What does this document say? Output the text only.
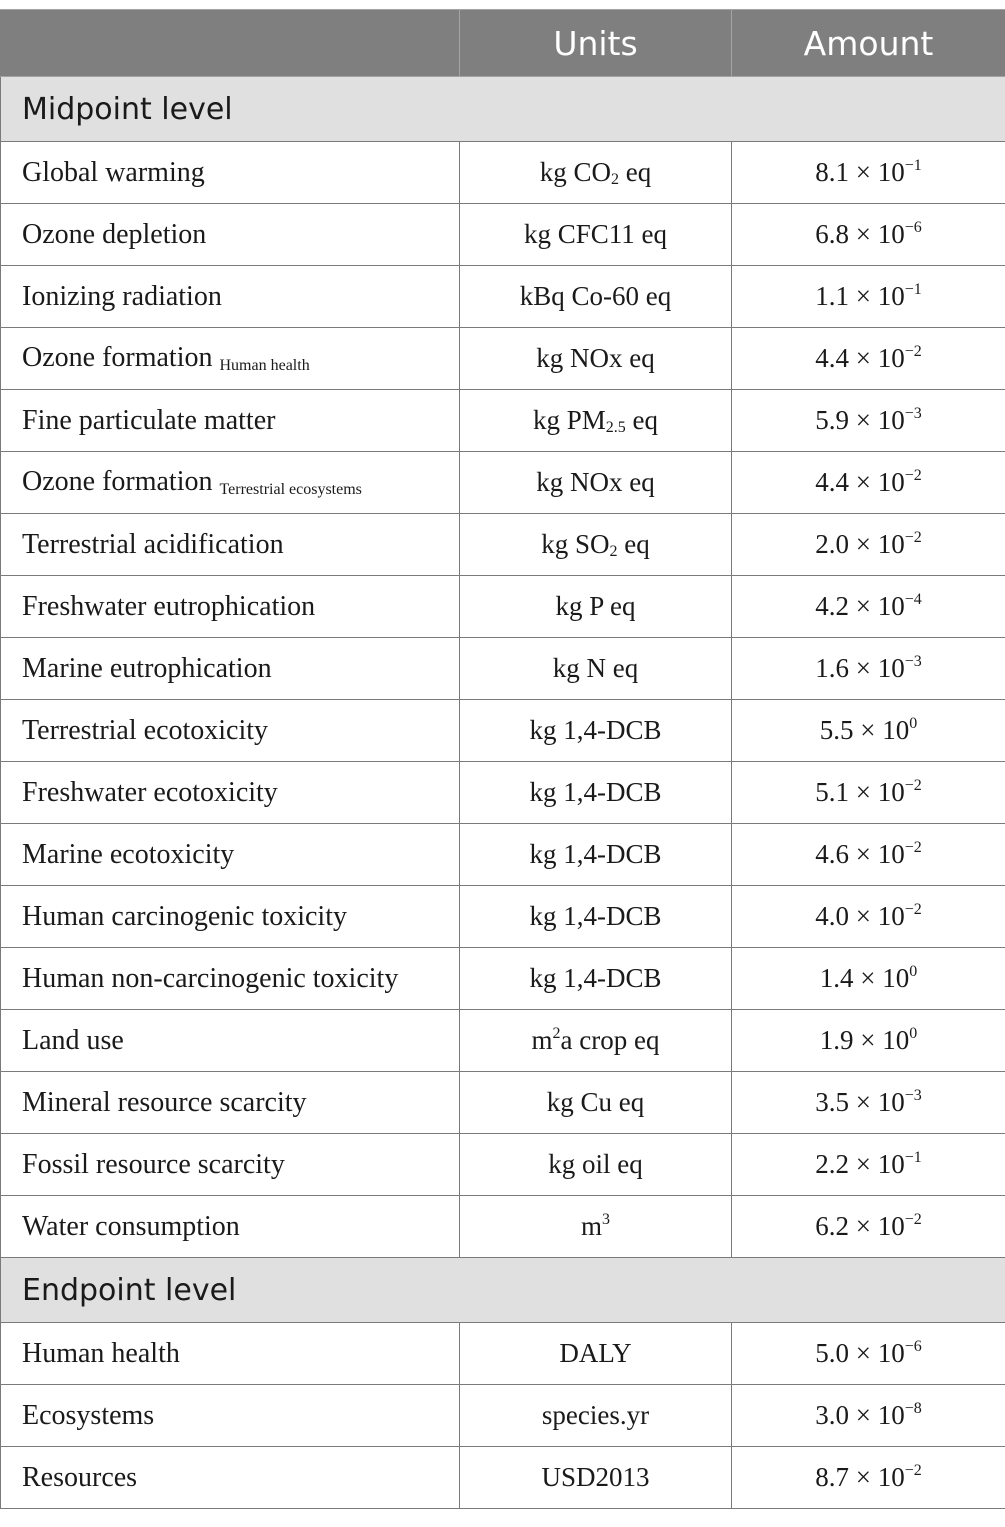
	Units	Amount
Midpoint level		
Global warming	kg $CO_2$ eq	$8.1 \times 10^{-1}$
Ozone depletion	kg CFC11 eq	$6.8 \times 10^{-6}$
Ionizing radiation	kBq Co-60 eq	$1.1 \times 10^{-1}$
Ozone formation Human health	kg NOx eq	$4.4 \times 10^{-2}$
Fine particulate matter	kg $PM_{2.5}$ eq	$5.9 \times 10^{-3}$
Ozone formation Terrestrial ecosystems	kg NOx eq	$4.4 \times 10^{-2}$
Terrestrial acidification	kg $SO_2$ eq	$2.0 \times 10^{-2}$
Freshwater eutrophication	kg P eq	$4.2 \times 10^{-4}$
Marine eutrophication	kg N eq	$1.6 \times 10^{-3}$
Terrestrial ecotoxicity	kg 1,4-DCB	$5.5 \times 10^0$
Freshwater ecotoxicity	kg 1,4-DCB	$5.1 \times 10^{-2}$
Marine ecotoxicity	kg 1,4-DCB	$4.6 \times 10^{-2}$
Human carcinogenic toxicity	kg 1,4-DCB	$4.0 \times 10^{-2}$
Human non-carcinogenic toxicity	kg 1,4-DCB	$1.4 \times 10^0$
Land use	$m^2a$ crop eq	$1.9 \times 10^0$
Mineral resource scarcity	kg Cu eq	$3.5 \times 10^{-3}$
Fossil resource scarcity	kg oil eq	$2.2 \times 10^{-1}$
Water consumption	$m^3$	$6.2 \times 10^{-2}$
Endpoint level		
Human health	DALY	$5.0 \times 10^{-6}$
Ecosystems	species.yr	$3.0 \times 10^{-8}$
Resources	USD2013	$8.7 \times 10^{-2}$
